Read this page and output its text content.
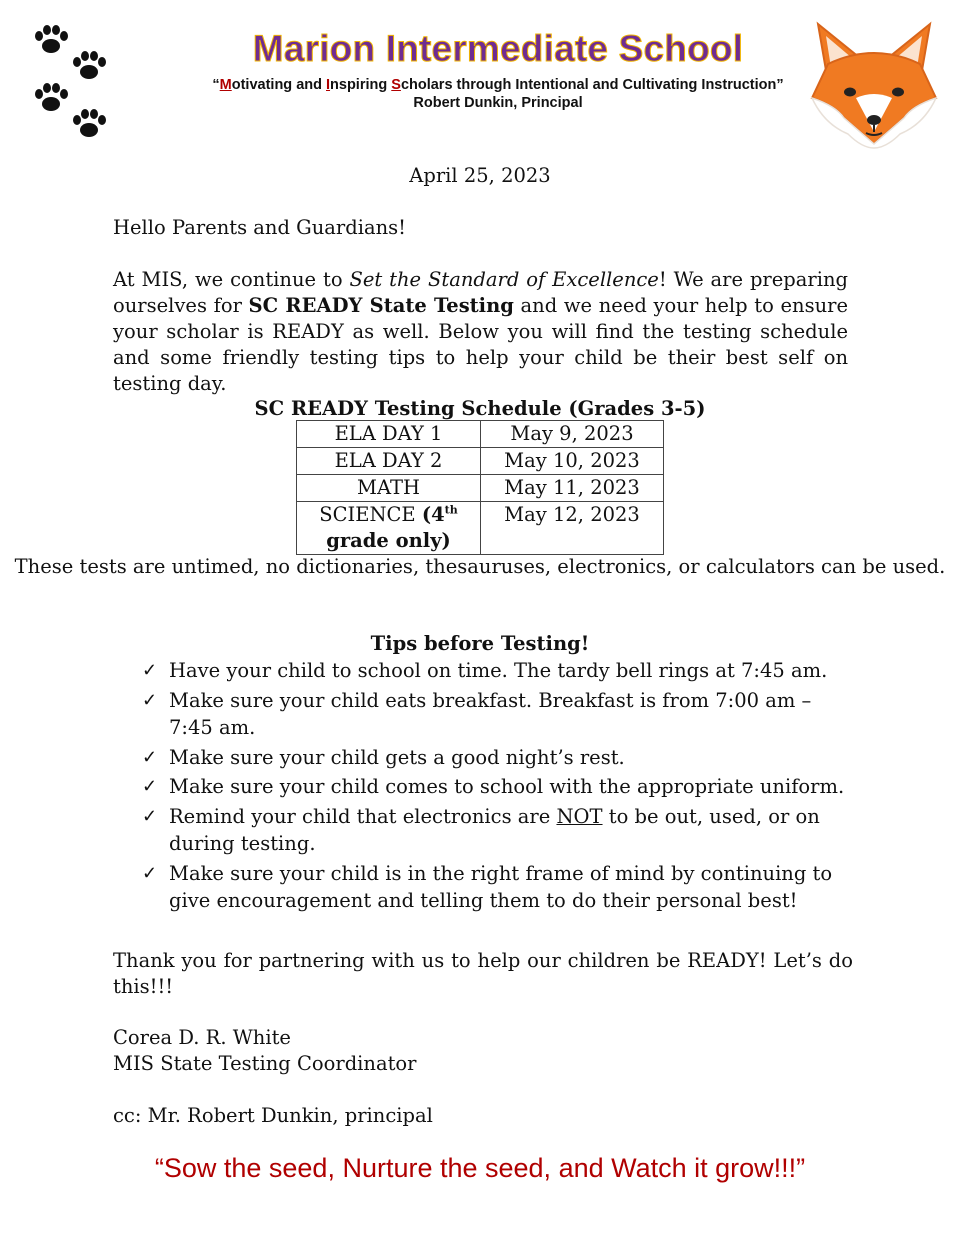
Marion Intermediate School
“Motivating and Inspiring Scholars through Intentional and Cultivating Instruction”
Robert Dunkin, Principal
April 25, 2023
Hello Parents and Guardians!
At MIS, we continue to Set the Standard of Excellence! We are preparing ourselves for SC READY State Testing and we need your help to ensure your scholar is READY as well. Below you will find the testing schedule and some friendly testing tips to help your child be their best self on testing day.
SC READY Testing Schedule (Grades 3-5)
ELA DAY 1	May 9, 2023
ELA DAY 2	May 10, 2023
MATH	May 11, 2023
SCIENCE (4th
grade only)	May 12, 2023
These tests are untimed, no dictionaries, thesauruses, electronics, or calculators can be used.
Tips before Testing!
✓ Have your child to school on time. The tardy bell rings at 7:45 am.
✓ Make sure your child eats breakfast. Breakfast is from 7:00 am – 7:45 am.
✓ Make sure your child gets a good night’s rest.
✓ Make sure your child comes to school with the appropriate uniform.
✓ Remind your child that electronics are NOT to be out, used, or on during testing.
✓ Make sure your child is in the right frame of mind by continuing to give encouragement and telling them to do their personal best!
Thank you for partnering with us to help our children be READY! Let’s do this!!!
Corea D. R. White
MIS State Testing Coordinator
cc: Mr. Robert Dunkin, principal
“Sow the seed, Nurture the seed, and Watch it grow!!!”
